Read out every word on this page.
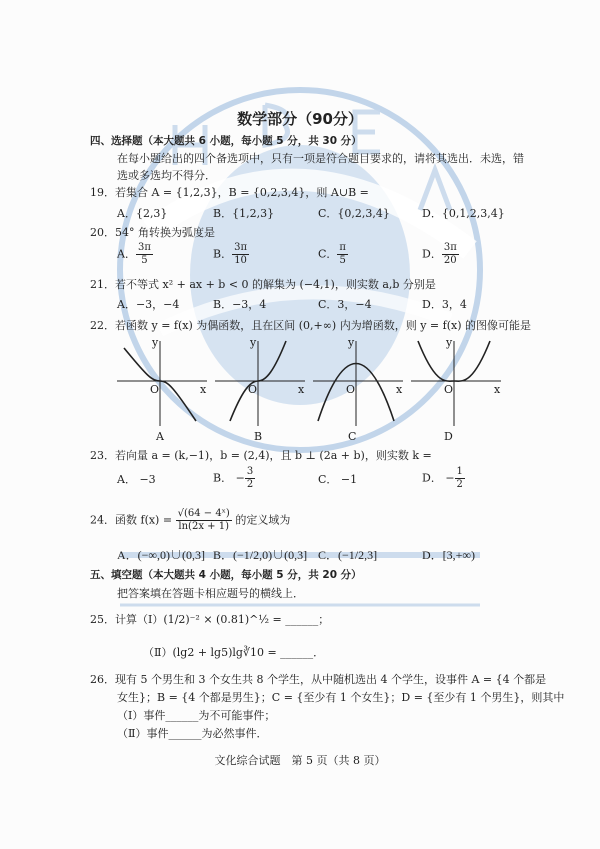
数学部分（90分）
四、选择题（本大题共 6 小题，每小题 5 分，共 30 分）
在每小题给出的四个备选项中，只有一项是符合题目要求的，请将其选出．未选，错
选或多选均不得分．
19．若集合 A = {1,2,3}，B = {0,2,3,4}，则 A∪B =
A．{2,3}	B．{1,2,3}	C．{0,2,3,4}	D．{0,1,2,3,4}
20．54° 角转换为弧度是
A． $\frac{3\pi}{5}$	B． $\frac{3\pi}{10}$	C． $\frac{\pi}{5}$	D． $\frac{3\pi}{20}$
21．若不等式 x² + ax + b < 0 的解集为 (−4,1)，则实数 a,b 分别是
A．−3，−4	B．−3，4	C．3，−4	D．3，4
22．若函数 y = f(x) 为偶函数，且在区间 (0,+∞) 内为增函数，则 y = f(x) 的图像可能是
y	y	y	y
O	O	O	O
x	x	x	x
A	B	C	D
23．若向量 a = (k,−1)，b = (2,4)，且 b ⊥ (2a + b)，则实数 k =
A． −3	B． − $\frac{3}{2}$	C． −1	D． − $\frac{1}{2}$
24．函数 $f(x) = \frac{\text{√(64 − 4ˣ)}}{\ln(2x + 1)}$ 的定义域为
A．(−∞,0)∪(0,3] B．(−1/2,0)∪(0,3] C．(−1/2,3]	D．[3,+∞)
五、填空题（本大题共 4 小题，每小题 5 分，共 20 分）
把答案填在答题卡相应题号的横线上．
25．计算（Ⅰ）(1/2)⁻² × (0.81)^½ = ______；
（Ⅱ）(lg2 + lg5)lg∛10 = ______．
26．现有 5 个男生和 3 个女生共 8 个学生，从中随机选出 4 个学生，设事件 A = {4 个都是
女生}；B = {4 个都是男生}；C = {至少有 1 个女生}；D = {至少有 1 个男生}，则其中
（Ⅰ）事件______为不可能事件；
（Ⅱ）事件______为必然事件．
文化综合试题　第 5 页（共 8 页）
